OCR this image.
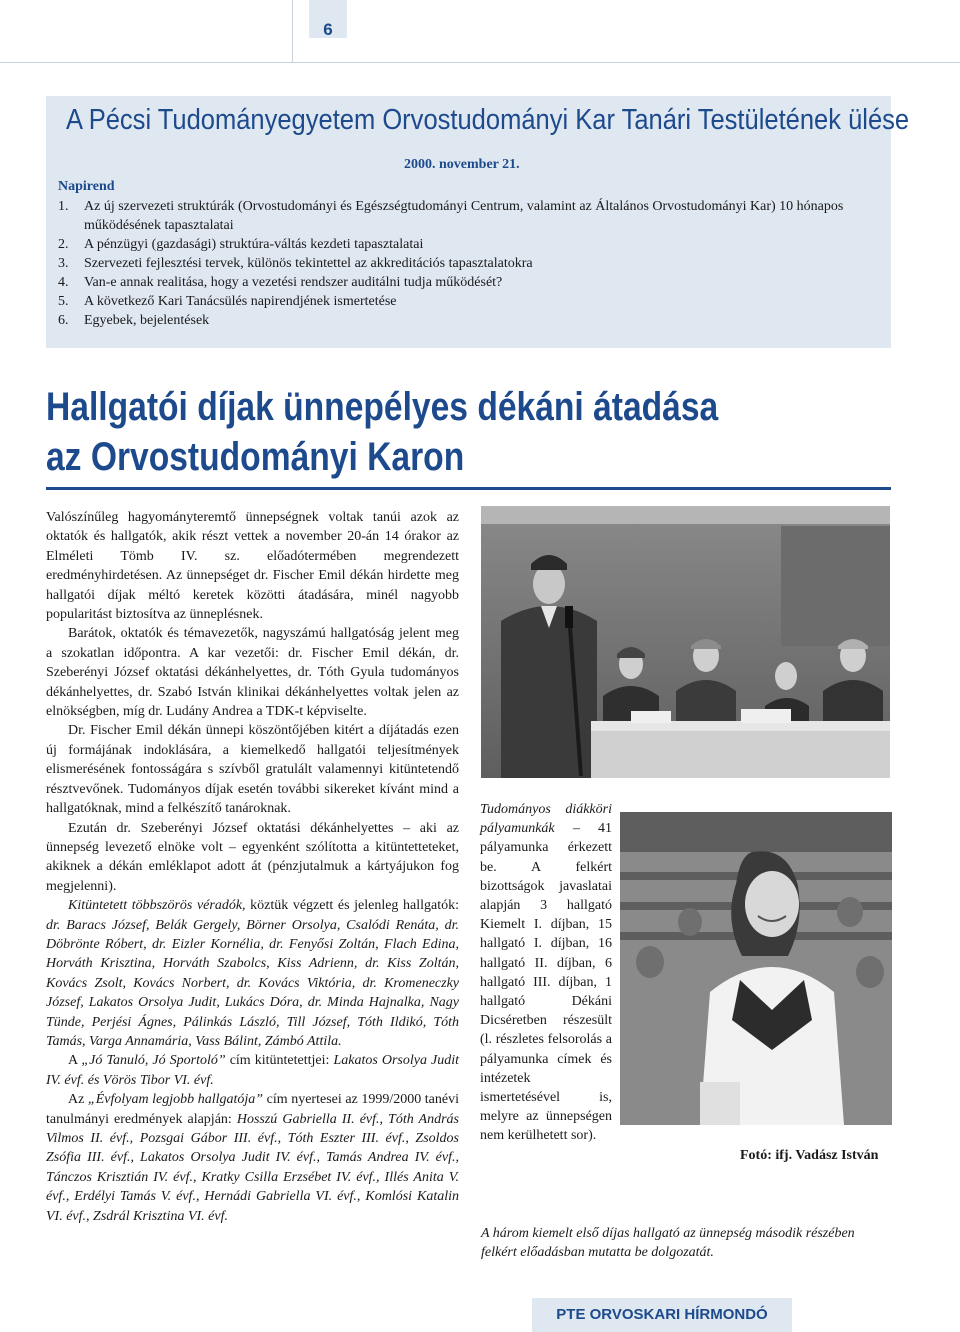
6
A Pécsi Tudományegyetem Orvostudományi Kar Tanári Testületének ülése
2000. november 21.
Napirend
1.	Az új szervezeti struktúrák (Orvostudományi és Egészségtudományi Centrum, valamint az Általános Orvostudományi Kar) 10 hónapos működésének tapasztalatai
2.	A pénzügyi (gazdasági) struktúra-váltás kezdeti tapasztalatai
3.	Szervezeti fejlesztési tervek, különös tekintettel az akkreditációs tapasztalatokra
4.	Van-e annak realitása, hogy a vezetési rendszer auditálni tudja működését?
5.	A következő Kari Tanácsülés napirendjének ismertetése
6.	Egyebek, bejelentések
Hallgatói díjak ünnepélyes dékáni átadása
az Orvostudományi Karon

Valószínűleg hagyományteremtő ünnepségnek voltak tanúi azok az oktatók és hallgatók, akik részt vettek a november 20-án 14 órakor az Elméleti Tömb IV. sz. előadótermében megrendezett eredményhirdetésen. Az ünnepséget dr. Fischer Emil dékán hirdette meg hallgatói díjak méltó keretek közötti átadására, minél nagyobb popularitást biztosítva az ünneplésnek.

Barátok, oktatók és témavezetők, nagyszámú hallgatóság jelent meg a szokatlan időpontra. A kar vezetői: dr. Fischer Emil dékán, dr. Szeberényi József oktatási dékánhelyettes, dr. Tóth Gyula tudományos dékánhelyettes, dr. Szabó István klinikai dékánhelyettes voltak jelen az elnökségben, míg dr. Ludány Andrea a TDK-t képviselte.

Dr. Fischer Emil dékán ünnepi köszöntőjében kitért a díjátadás ezen új formájának indoklására, a kiemelkedő hallgatói teljesítmények elismerésének fontosságára s szívből gratulált valamennyi kitüntetendő résztvevőnek. Tudományos díjak esetén további sikereket kívánt mind a hallgatóknak, mind a felkészítő tanároknak.

Ezután dr. Szeberényi József oktatási dékánhelyettes – aki az ünnepség levezető elnöke volt – egyenként szólította a kitüntetteteket, akiknek a dékán emléklapot adott át (pénzjutalmuk a kártyájukon fog megjelenni).

Kitüntetett többszörös véradók, köztük végzett és jelenleg hallgatók: dr. Baracs József, Belák Gergely, Börner Orsolya, Csalódi Renáta, dr. Döbrönte Róbert, dr. Eizler Kornélia, dr. Fenyősi Zoltán, Flach Edina, Horváth Krisztina, Horváth Szabolcs, Kiss Adrienn, dr. Kiss Zoltán, Kovács Zsolt, Kovács Norbert, dr. Kovács Viktória, dr. Kromeneczky József, Lakatos Orsolya Judit, Lukács Dóra, dr. Minda Hajnalka, Nagy Tünde, Perjési Ágnes, Pálinkás László, Till József, Tóth Ildikó, Tóth Tamás, Varga Annamária, Vass Bálint, Zámbó Attila.

A „Jó Tanuló, Jó Sportoló” cím kitüntetettjei: Lakatos Orsolya Judit IV. évf. és Vörös Tibor VI. évf.

Az „Évfolyam legjobb hallgatója” cím nyertesei az 1999/2000 tanévi tanulmányi eredmények alapján: Hosszú Gabriella II. évf., Tóth András Vilmos II. évf., Pozsgai Gábor III. évf., Tóth Eszter III. évf., Zsoldos Zsófia III. évf., Lakatos Orsolya Judit IV. évf., Tamás Andrea IV. évf., Tánczos Krisztián IV. évf., Kratky Csilla Erzsébet IV. évf., Illés Anita V. évf., Erdélyi Tamás V. évf., Hernádi Gabriella VI. évf., Komlósi Katalin VI. évf., Zsdrál Krisztina VI. évf.

Tudományos diákköri pályamunkák – 41 pályamunka érkezett be. A felkért bizottságok javaslatai alapján 3 hallgató Kiemelt I. díjban, 15 hallgató I. díjban, 16 hallgató II. díjban, 6 hallgató III. díjban, 1 hallgató Dékáni Dicséretben részesült (l. részletes felsorolás a pályamunka címek és intézetek ismertetésével is, melyre az ünnepségen nem kerülhetett sor).
Fotó: ifj. Vadász István
A három kiemelt első díjas hallgató az ünnepség második részében felkért előadásban mutatta be dolgozatát.
PTE ORVOSKARI HÍRMONDÓ
